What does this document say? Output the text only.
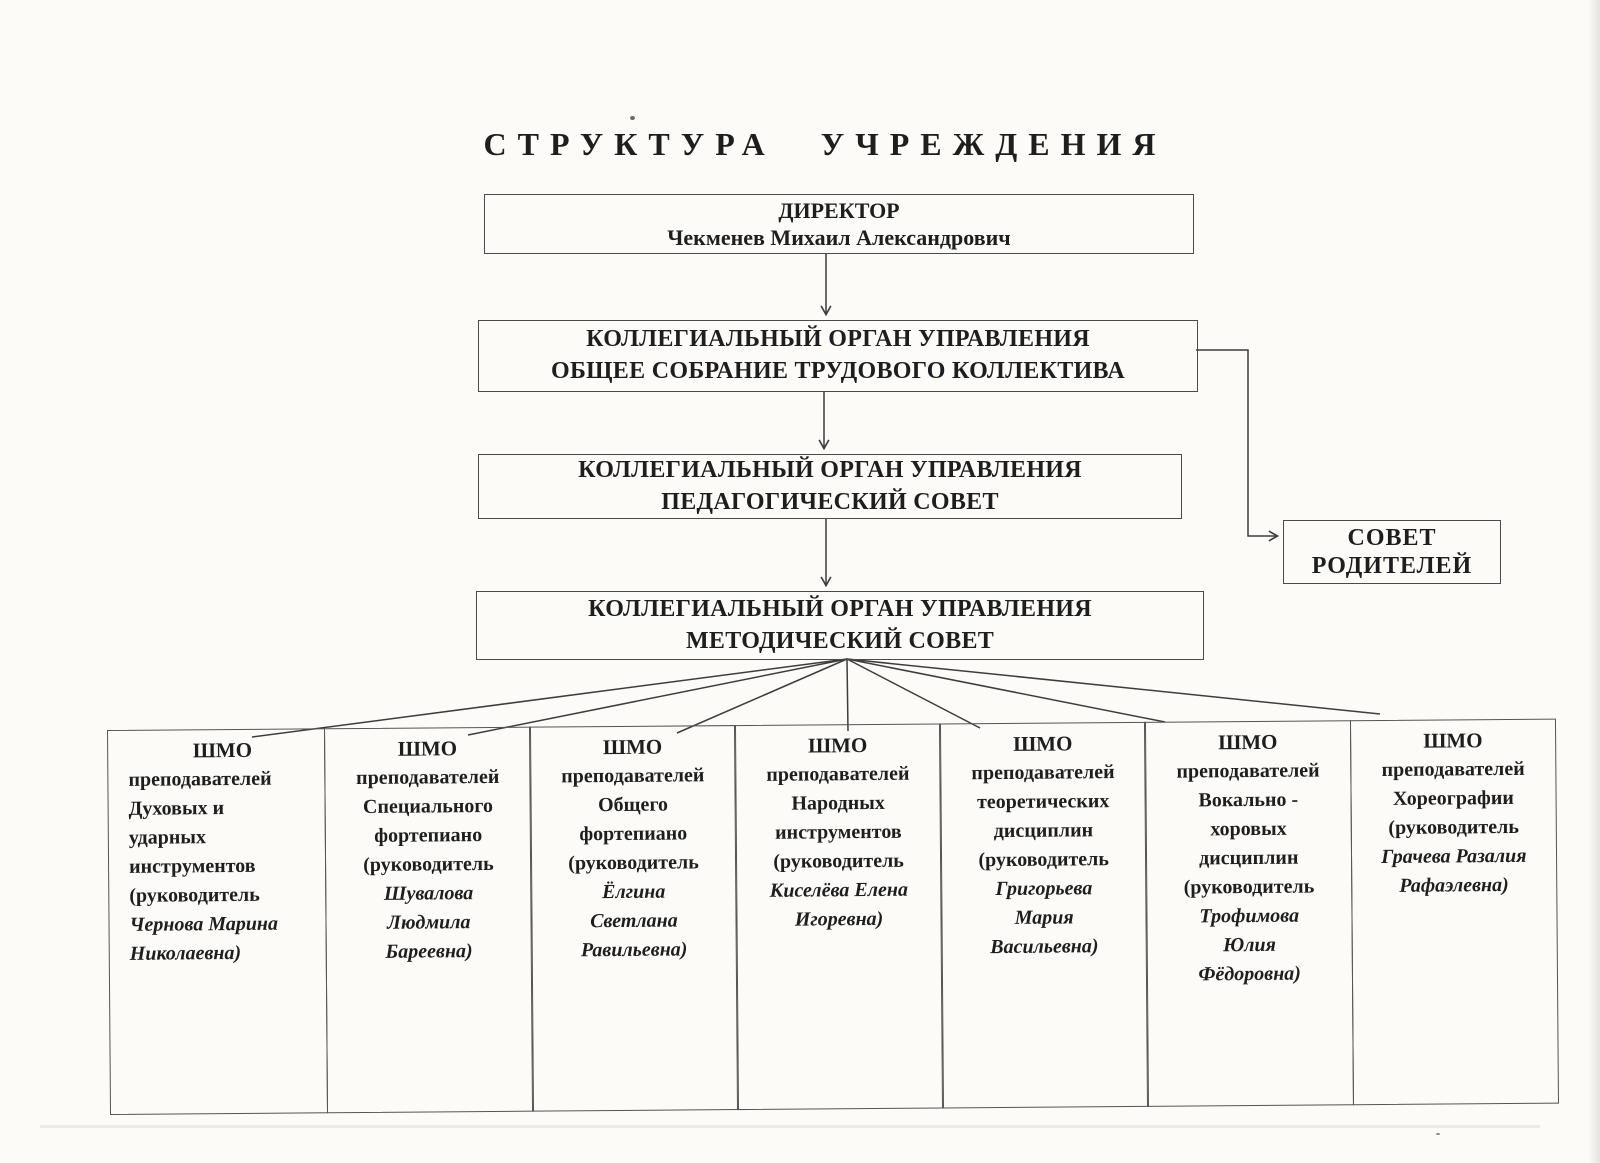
СТРУКТУРА УЧРЕЖДЕНИЯ
ДИРЕКТОР
Чекменев Михаил Александрович
КОЛЛЕГИАЛЬНЫЙ ОРГАН УПРАВЛЕНИЯ
ОБЩЕЕ СОБРАНИЕ ТРУДОВОГО КОЛЛЕКТИВА
КОЛЛЕГИАЛЬНЫЙ ОРГАН УПРАВЛЕНИЯ
ПЕДАГОГИЧЕСКИЙ СОВЕТ
КОЛЛЕГИАЛЬНЫЙ ОРГАН УПРАВЛЕНИЯ
МЕТОДИЧЕСКИЙ СОВЕТ
СОВЕТ
РОДИТЕЛЕЙ
ШМО
преподавателей
Духовых и
ударных
инструментов
(руководитель
Чернова Марина
Николаевна)
ШМО
преподавателей
Специального
фортепиано
(руководитель
Шувалова
Людмила
Бареевна)
ШМО
преподавателей
Общего
фортепиано
(руководитель
Ёлгина
Светлана
Равильевна)
ШМО
преподавателей
Народных
инструментов
(руководитель
Киселёва Елена
Игоревна)
ШМО
преподавателей
теоретических
дисциплин
(руководитель
Григорьева
Мария
Васильевна)
ШМО
преподавателей
Вокально -
хоровых
дисциплин
(руководитель
Трофимова
Юлия
Фёдоровна)
ШМО
преподавателей
Хореографии
(руководитель
Грачева Разалия
Рафаэлевна)
